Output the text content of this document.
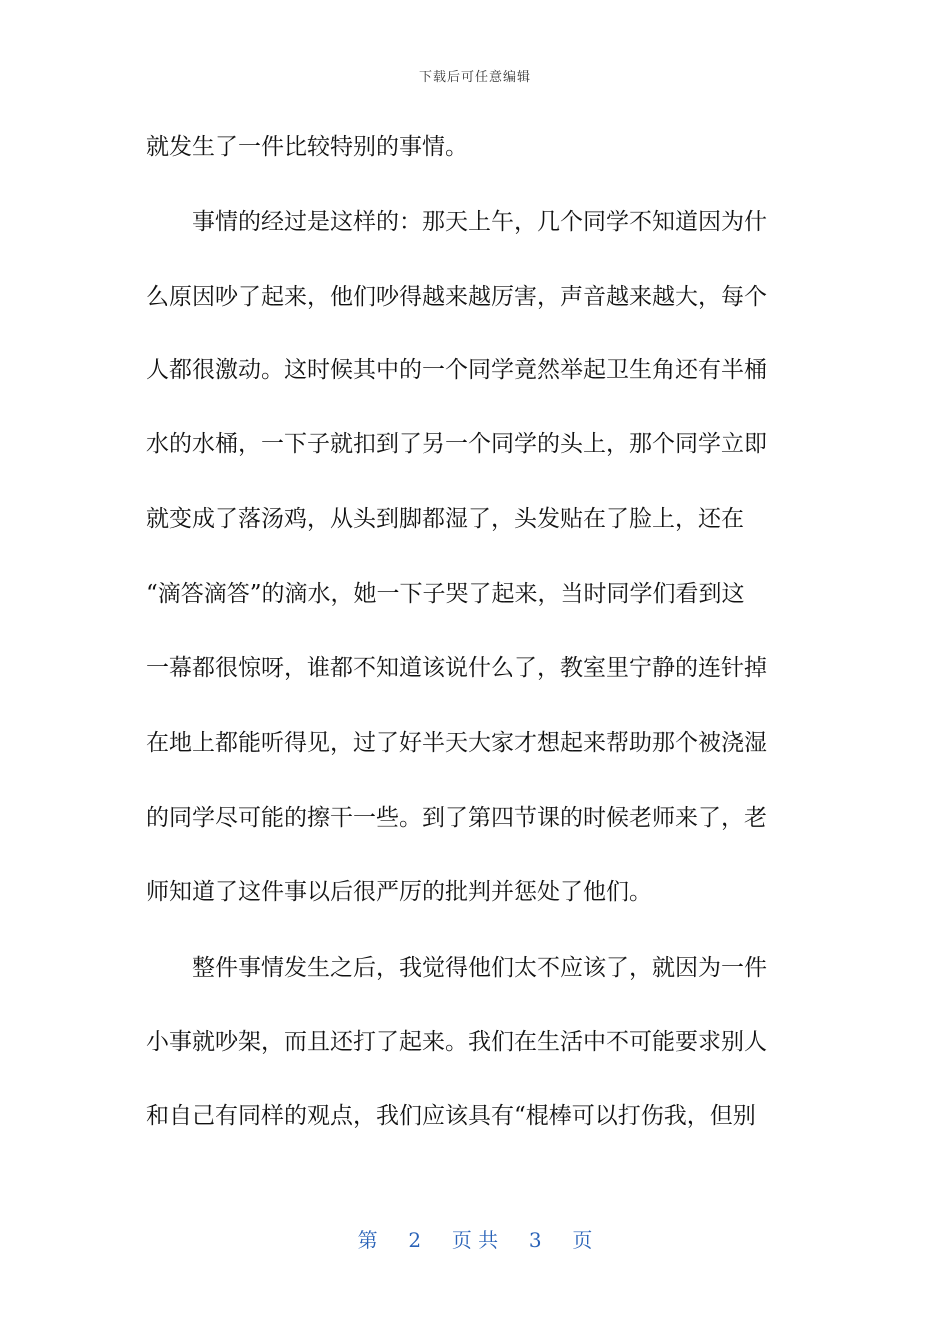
下载后可任意编辑
就发生了一件比较特别的事情。
事情的经过是这样的：那天上午，几个同学不知道因为什
么原因吵了起来，他们吵得越来越厉害，声音越来越大，每个
人都很激动。这时候其中的一个同学竟然举起卫生角还有半桶
水的水桶，一下子就扣到了另一个同学的头上，那个同学立即
就变成了落汤鸡，从头到脚都湿了，头发贴在了脸上，还在
“滴答滴答”的滴水，她一下子哭了起来，当时同学们看到这
一幕都很惊呀，谁都不知道该说什么了，教室里宁静的连针掉
在地上都能听得见，过了好半天大家才想起来帮助那个被浇湿
的同学尽可能的擦干一些。到了第四节课的时候老师来了，老
师知道了这件事以后很严厉的批判并惩处了他们。
整件事情发生之后，我觉得他们太不应该了，就因为一件
小事就吵架，而且还打了起来。我们在生活中不可能要求别人
和自己有同样的观点，我们应该具有“棍棒可以打伤我，但别
第 2 页 共 3 页
